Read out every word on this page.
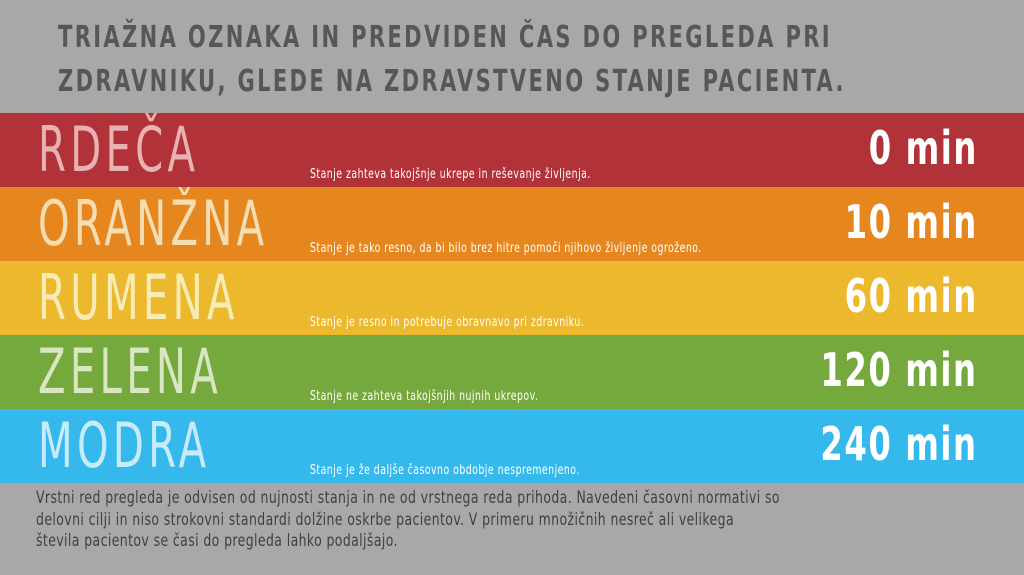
TRIAŽNA OZNAKA IN PREDVIDEN ČAS DO PREGLEDA PRI
ZDRAVNIKU, GLEDE NA ZDRAVSTVENO STANJE PACIENTA.
RDEČA	Stanje zahteva takojšnje ukrepe in reševanje življenja.	0 min
ORANŽNA	Stanje je tako resno, da bi bilo brez hitre pomoči njihovo življenje ogroženo.	10 min
RUMENA	Stanje je resno in potrebuje obravnavo pri zdravniku.	60 min
ZELENA	Stanje ne zahteva takojšnjih nujnih ukrepov.	120 min
MODRA	Stanje je že daljše časovno obdobje nespremenjeno.	240 min
Vrstni red pregleda je odvisen od nujnosti stanja in ne od vrstnega reda prihoda. Navedeni časovni normativi so
delovni cilji in niso strokovni standardi dolžine oskrbe pacientov. V primeru množičnih nesreč ali velikega
števila pacientov se časi do pregleda lahko podaljšajo.
